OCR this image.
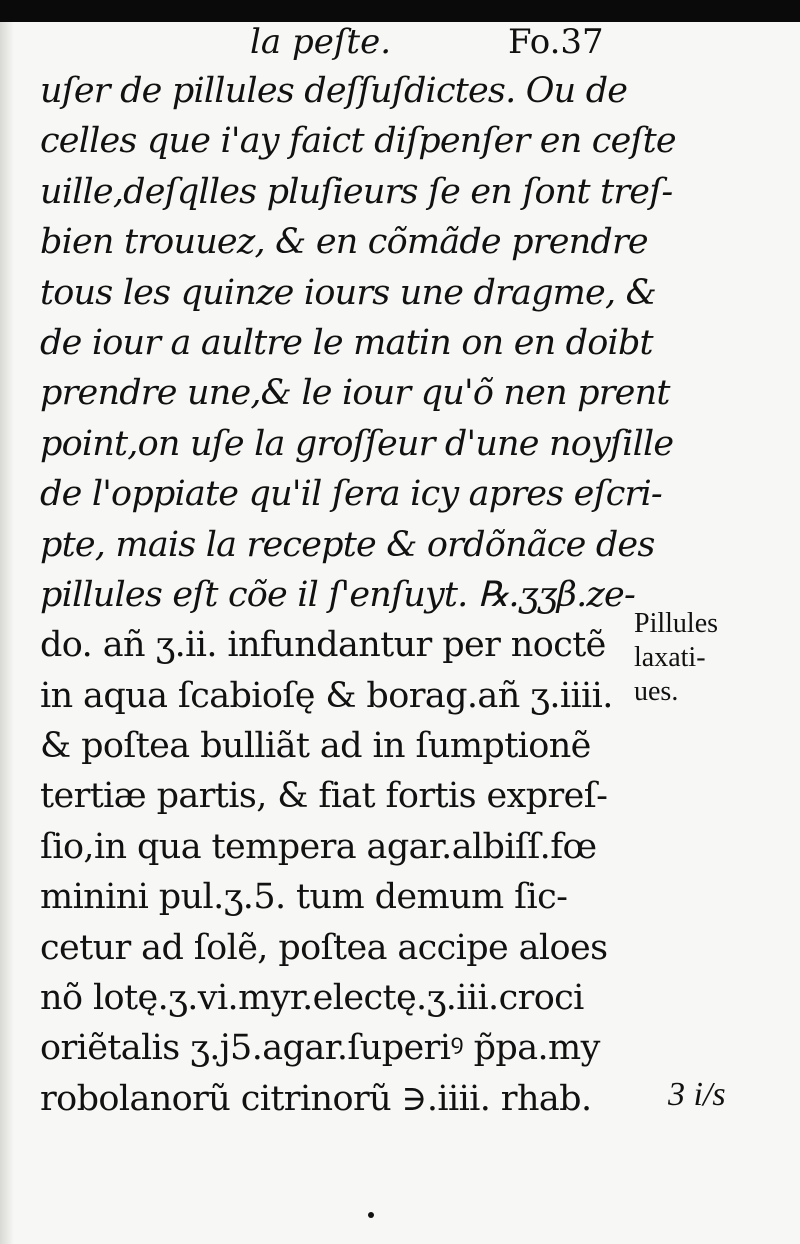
la peſte.	Fo.37
uſer de pillules deſſuſdictes. Ou de
celles que i'ay faict diſpenſer en ceſte
uille,deſqlles pluſieurs ſe en ſont treſ-
bien trouuez, & en cõmãde prendre
tous les quinze iours une dragme, &
de iour a aultre le matin on en doibt
prendre une,& le iour qu'õ nen prent
point,on uſe la groſſeur d'une noyſille
de l'oppiate qu'il ſera icy apres eſcri-
pte, mais la recepte & ordõnãce des
pillules eſt cõe il ſ'enſuyt. ℞.ʒʒβ.ze-
do. añ ʒ.ii. infundantur per noctẽ
in aqua ſcabioſę & borag.añ ʒ.iiii.
& poſtea bulliãt ad in ſumptionẽ
tertiæ partis, & fiat fortis expreſ-
ſio,in qua tempera agar.albiſſ.fœ
minini pul.ʒ.5. tum demum ſic-
cetur ad ſolẽ, poſtea accipe aloes
nõ lotę.ʒ.vi.myr.electę.ʒ.iii.croci
oriẽtalis ʒ.j5.agar.ſuperiꝰ p̃pa.my
robolanorũ citrinorũ ∋.iiii. rhab.
Pillules
laxati-
ues.
3 i/s
